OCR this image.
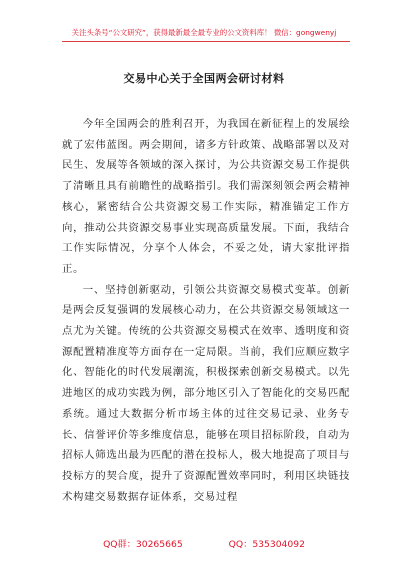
关注头条号“公文研究”，获得最新最全最专业的公文资料库！ 微信：gongwenyj
交易中心关于全国两会研讨材料

今年全国两会的胜利召开，为我国在新征程上的发展绘就了宏伟蓝图。两会期间，诸多方针政策、战略部署以及对民生、发展等各领域的深入探讨，为公共资源交易工作提供了清晰且具有前瞻性的战略指引。我们需深刻领会两会精神核心，紧密结合公共资源交易工作实际，精准锚定工作方向，推动公共资源交易事业实现高质量发展。下面，我结合工作实际情况，分享个人体会，不妥之处，请大家批评指正。

一、坚持创新驱动，引领公共资源交易模式变革。创新是两会反复强调的发展核心动力，在公共资源交易领域这一点尤为关键。传统的公共资源交易模式在效率、透明度和资源配置精准度等方面存在一定局限。当前，我们应顺应数字化、智能化的时代发展潮流，积极探索创新交易模式。以先进地区的成功实践为例，部分地区引入了智能化的交易匹配系统。通过大数据分析市场主体的过往交易记录、业务专长、信誉评价等多维度信息，能够在项目招标阶段，自动为招标人筛选出最为匹配的潜在投标人，极大地提高了项目与投标方的契合度，提升了资源配置效率同时，利用区块链技术构建交易数据存证体系，交易过程

QQ群：30265665	QQ：535304092
